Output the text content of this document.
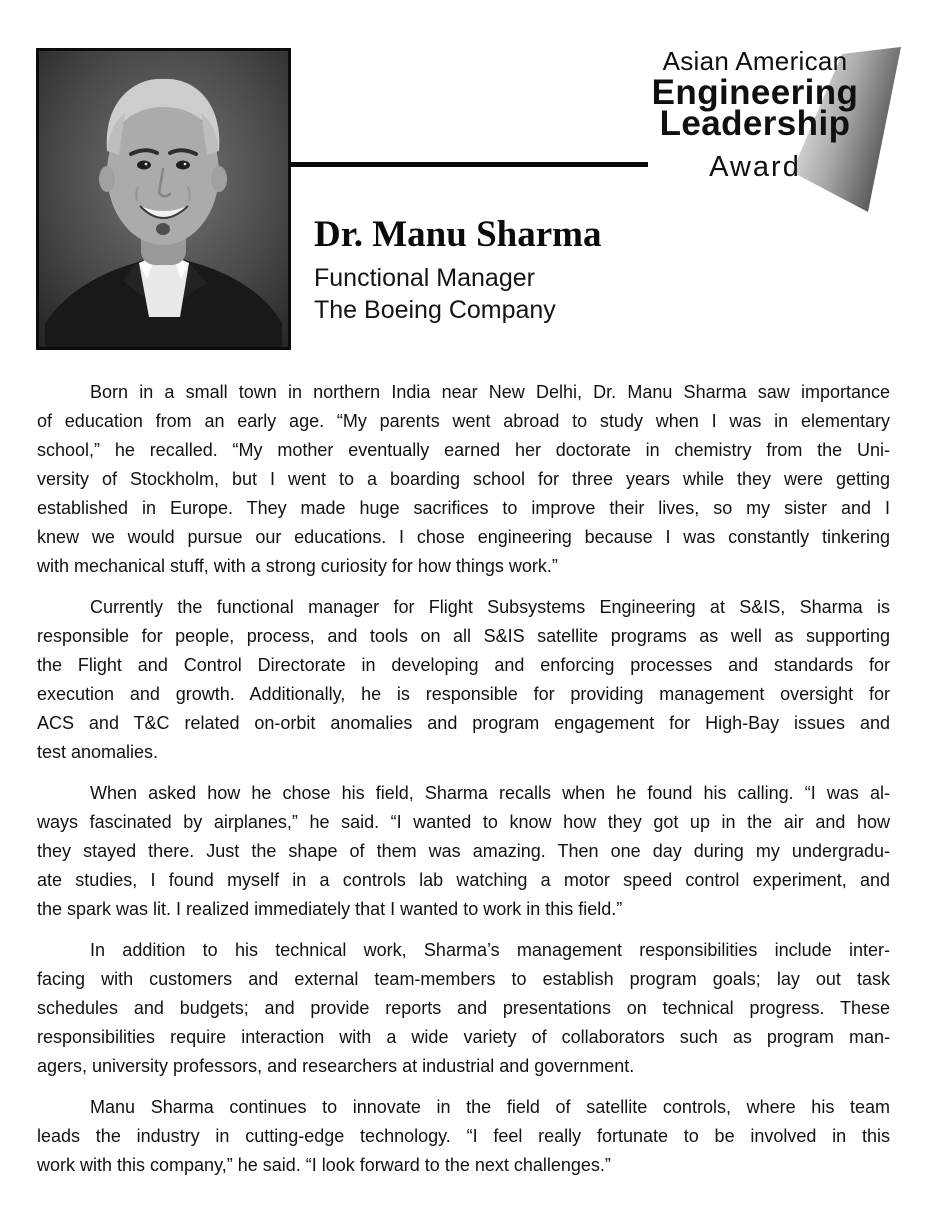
Asian American
Engineering
Leadership
Award
Dr. Manu Sharma
Functional Manager
The Boeing Company
Born in a small town in northern India near New Delhi, Dr. Manu Sharma saw importance
of education from an early age. “My parents went abroad to study when I was in elementary
school,” he recalled. “My mother eventually earned her doctorate in chemistry from the Uni-
versity of Stockholm, but I went to a boarding school for three years while they were getting
established in Europe. They made huge sacrifices to improve their lives, so my sister and I
knew we would pursue our educations. I chose engineering because I was constantly tinkering
with mechanical stuff, with a strong curiosity for how things work.”
Currently the functional manager for Flight Subsystems Engineering at S&IS, Sharma is
responsible for people, process, and tools on all S&IS satellite programs as well as supporting
the Flight and Control Directorate in developing and enforcing processes and standards for
execution and growth. Additionally, he is responsible for providing management oversight for
ACS and T&C related on-orbit anomalies and program engagement for High-Bay issues and
test anomalies.
When asked how he chose his field, Sharma recalls when he found his calling. “I was al-
ways fascinated by airplanes,” he said. “I wanted to know how they got up in the air and how
they stayed there. Just the shape of them was amazing. Then one day during my undergradu-
ate studies, I found myself in a controls lab watching a motor speed control experiment, and
the spark was lit. I realized immediately that I wanted to work in this field.”
In addition to his technical work, Sharma’s management responsibilities include inter-
facing with customers and external team-members to establish program goals; lay out task
schedules and budgets; and provide reports and presentations on technical progress. These
responsibilities require interaction with a wide variety of collaborators such as program man-
agers, university professors, and researchers at industrial and government.
Manu Sharma continues to innovate in the field of satellite controls, where his team
leads the industry in cutting-edge technology. “I feel really fortunate to be involved in this
work with this company,” he said. “I look forward to the next challenges.”
